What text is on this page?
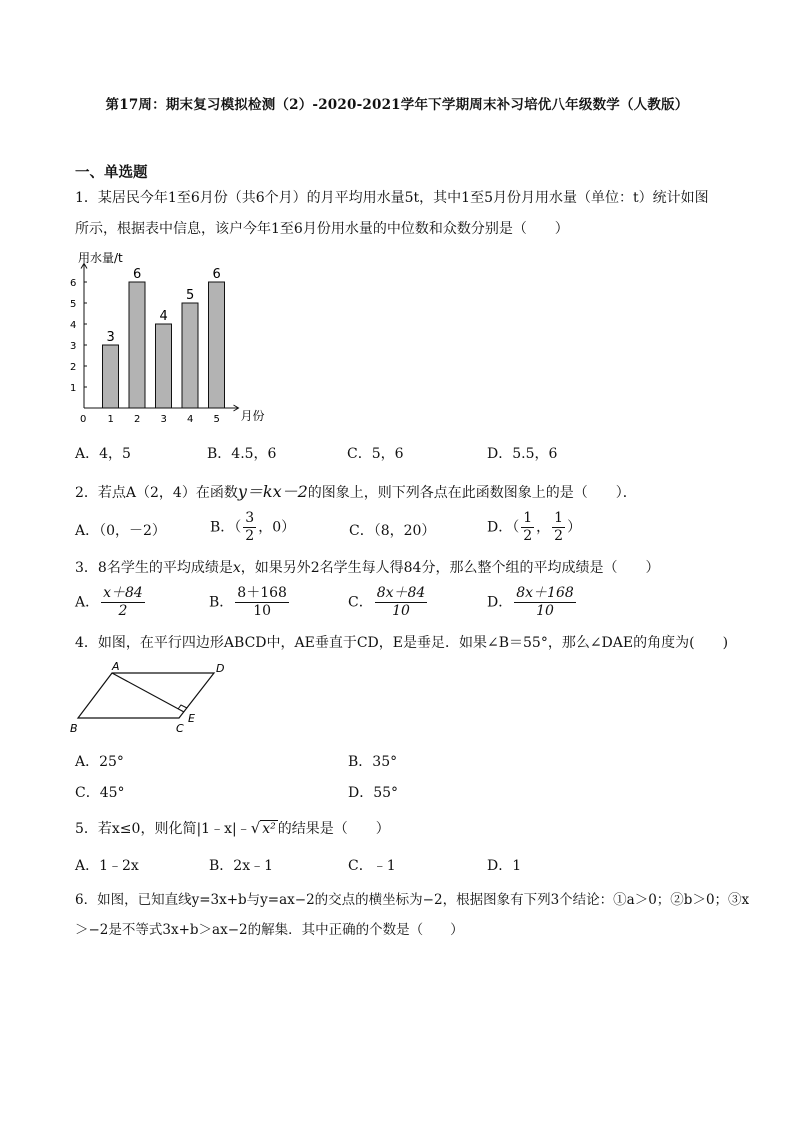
第17周：期末复习模拟检测（2）-2020-2021学年下学期周末补习培优八年级数学（人教版）
一、单选题
1．某居民今年1至6月份（共6个月）的月平均用水量5t，其中1至5月份月用水量（单位：t）统计如图
所示，根据表中信息，该户今年1至6月份用水量的中位数和众数分别是（　　）
1
2
3
4
5
6
0
用水量/t
月份
3
1
6
2
4
3
5
4
6
5
A．4，5	B．4.5，6	C．5，6	D．5.5，6
2．若点A（2，4）在函数y＝kx－2的图象上，则下列各点在此函数图象上的是（　　）．
A．（0，－2）	B．（ $\frac{3}{2}$ ，0）	C．（8，20）	D．（ $\frac{1}{2}$ ， $\frac{1}{2}$ ）
3．8名学生的平均成绩是x，如果另外2名学生每人得84分，那么整个组的平均成绩是（　　）
A． $\frac{x+84}{2}$	B． $\frac{8+168}{10}$	C． $\frac{8x+84}{10}$	D． $\frac{8x+168}{10}$
4．如图，在平行四边形ABCD中，AE垂直于CD，E是垂足．如果∠B＝55°，那么∠DAE的角度为(　　)
A	D
B	C
E
A．25°	B．35°
C．45°	D．55°
5．若x≤0，则化简|1﹣x|﹣√ x² 的结果是（　　）
A．1﹣2x	B．2x﹣1	C．﹣1	D．1
6．如图，已知直线y=3x+b与y=ax−2的交点的横坐标为−2，根据图象有下列3个结论：①a＞0；②b＞0；③x
＞−2是不等式3x+b＞ax−2的解集．其中正确的个数是（　　）
